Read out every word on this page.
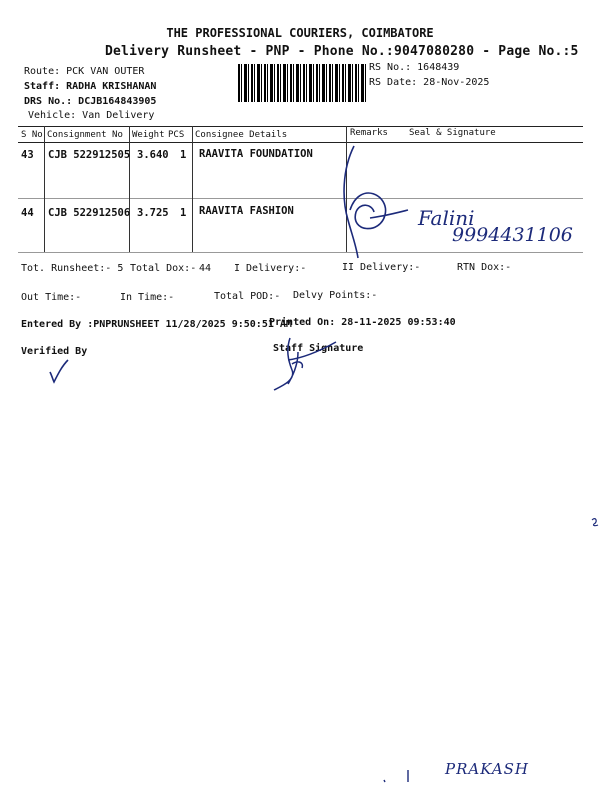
THE PROFESSIONAL COURIERS, COIMBATORE
Delivery Runsheet - PNP - Phone No.:9047080280 - Page No.:5
Route: PCK VAN OUTER
Staff: RADHA KRISHANAN
DRS No.: DCJB164843905
Vehicle: Van Delivery
RS No.: 1648439
RS Date: 28-Nov-2025
S No Consignment No Weight PCS Consignee Details	Remarks Seal & Signature
43 CJB 522912505 3.640 1 RAAVITA FOUNDATION
44 CJB 522912506 3.725 1 RAAVITA FASHION
Tot. Runsheet:- 5 Total Dox:- 44 I Delivery:-	II Delivery:-	RTN Dox:-
Out Time:-	In Time:-	Total POD:- Delvy Points:-
Entered By :PNPRUNSHEET 11/28/2025 9:50:51 AM
Printed On: 28-11-2025 09:53:40
Verified By	Staff Signature
Falini
9994431106
PRAKASH
